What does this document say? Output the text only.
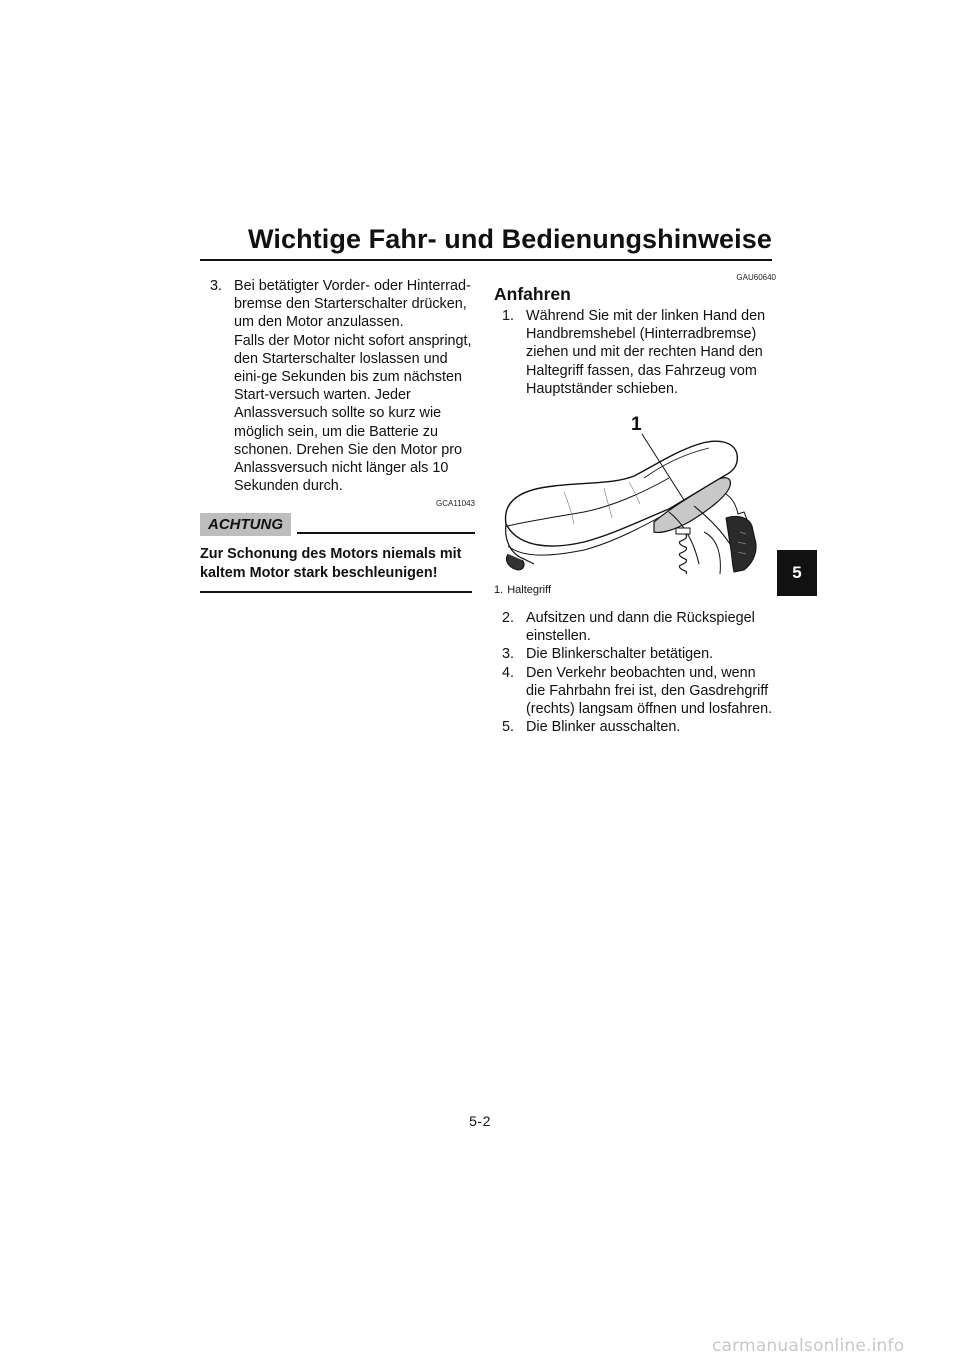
Wichtige Fahr- und Bedienungshinweise
5
3. Bei betätigter Vorder- oder Hinterrad-bremse den Starterschalter drücken, um den Motor anzulassen.
Falls der Motor nicht sofort anspringt, den Starterschalter loslassen und eini-ge Sekunden bis zum nächsten Start-versuch warten. Jeder Anlassversuch sollte so kurz wie möglich sein, um die Batterie zu schonen. Drehen Sie den Motor pro Anlassversuch nicht länger als 10 Sekunden durch.
GCA11043
ACHTUNG
Zur Schonung des Motors niemals mit kaltem Motor stark beschleunigen!
GAU60640
Anfahren
1. Während Sie mit der linken Hand den Handbremshebel (Hinterradbremse) ziehen und mit der rechten Hand den Haltegriff fassen, das Fahrzeug vom Hauptständer schieben.
1
1. Haltegriff
2. Aufsitzen und dann die Rückspiegel einstellen.
3. Die Blinkerschalter betätigen.
4. Den Verkehr beobachten und, wenn die Fahrbahn frei ist, den Gasdrehgriff (rechts) langsam öffnen und losfahren.
5. Die Blinker ausschalten.
5-2
carmanualsonline.info
